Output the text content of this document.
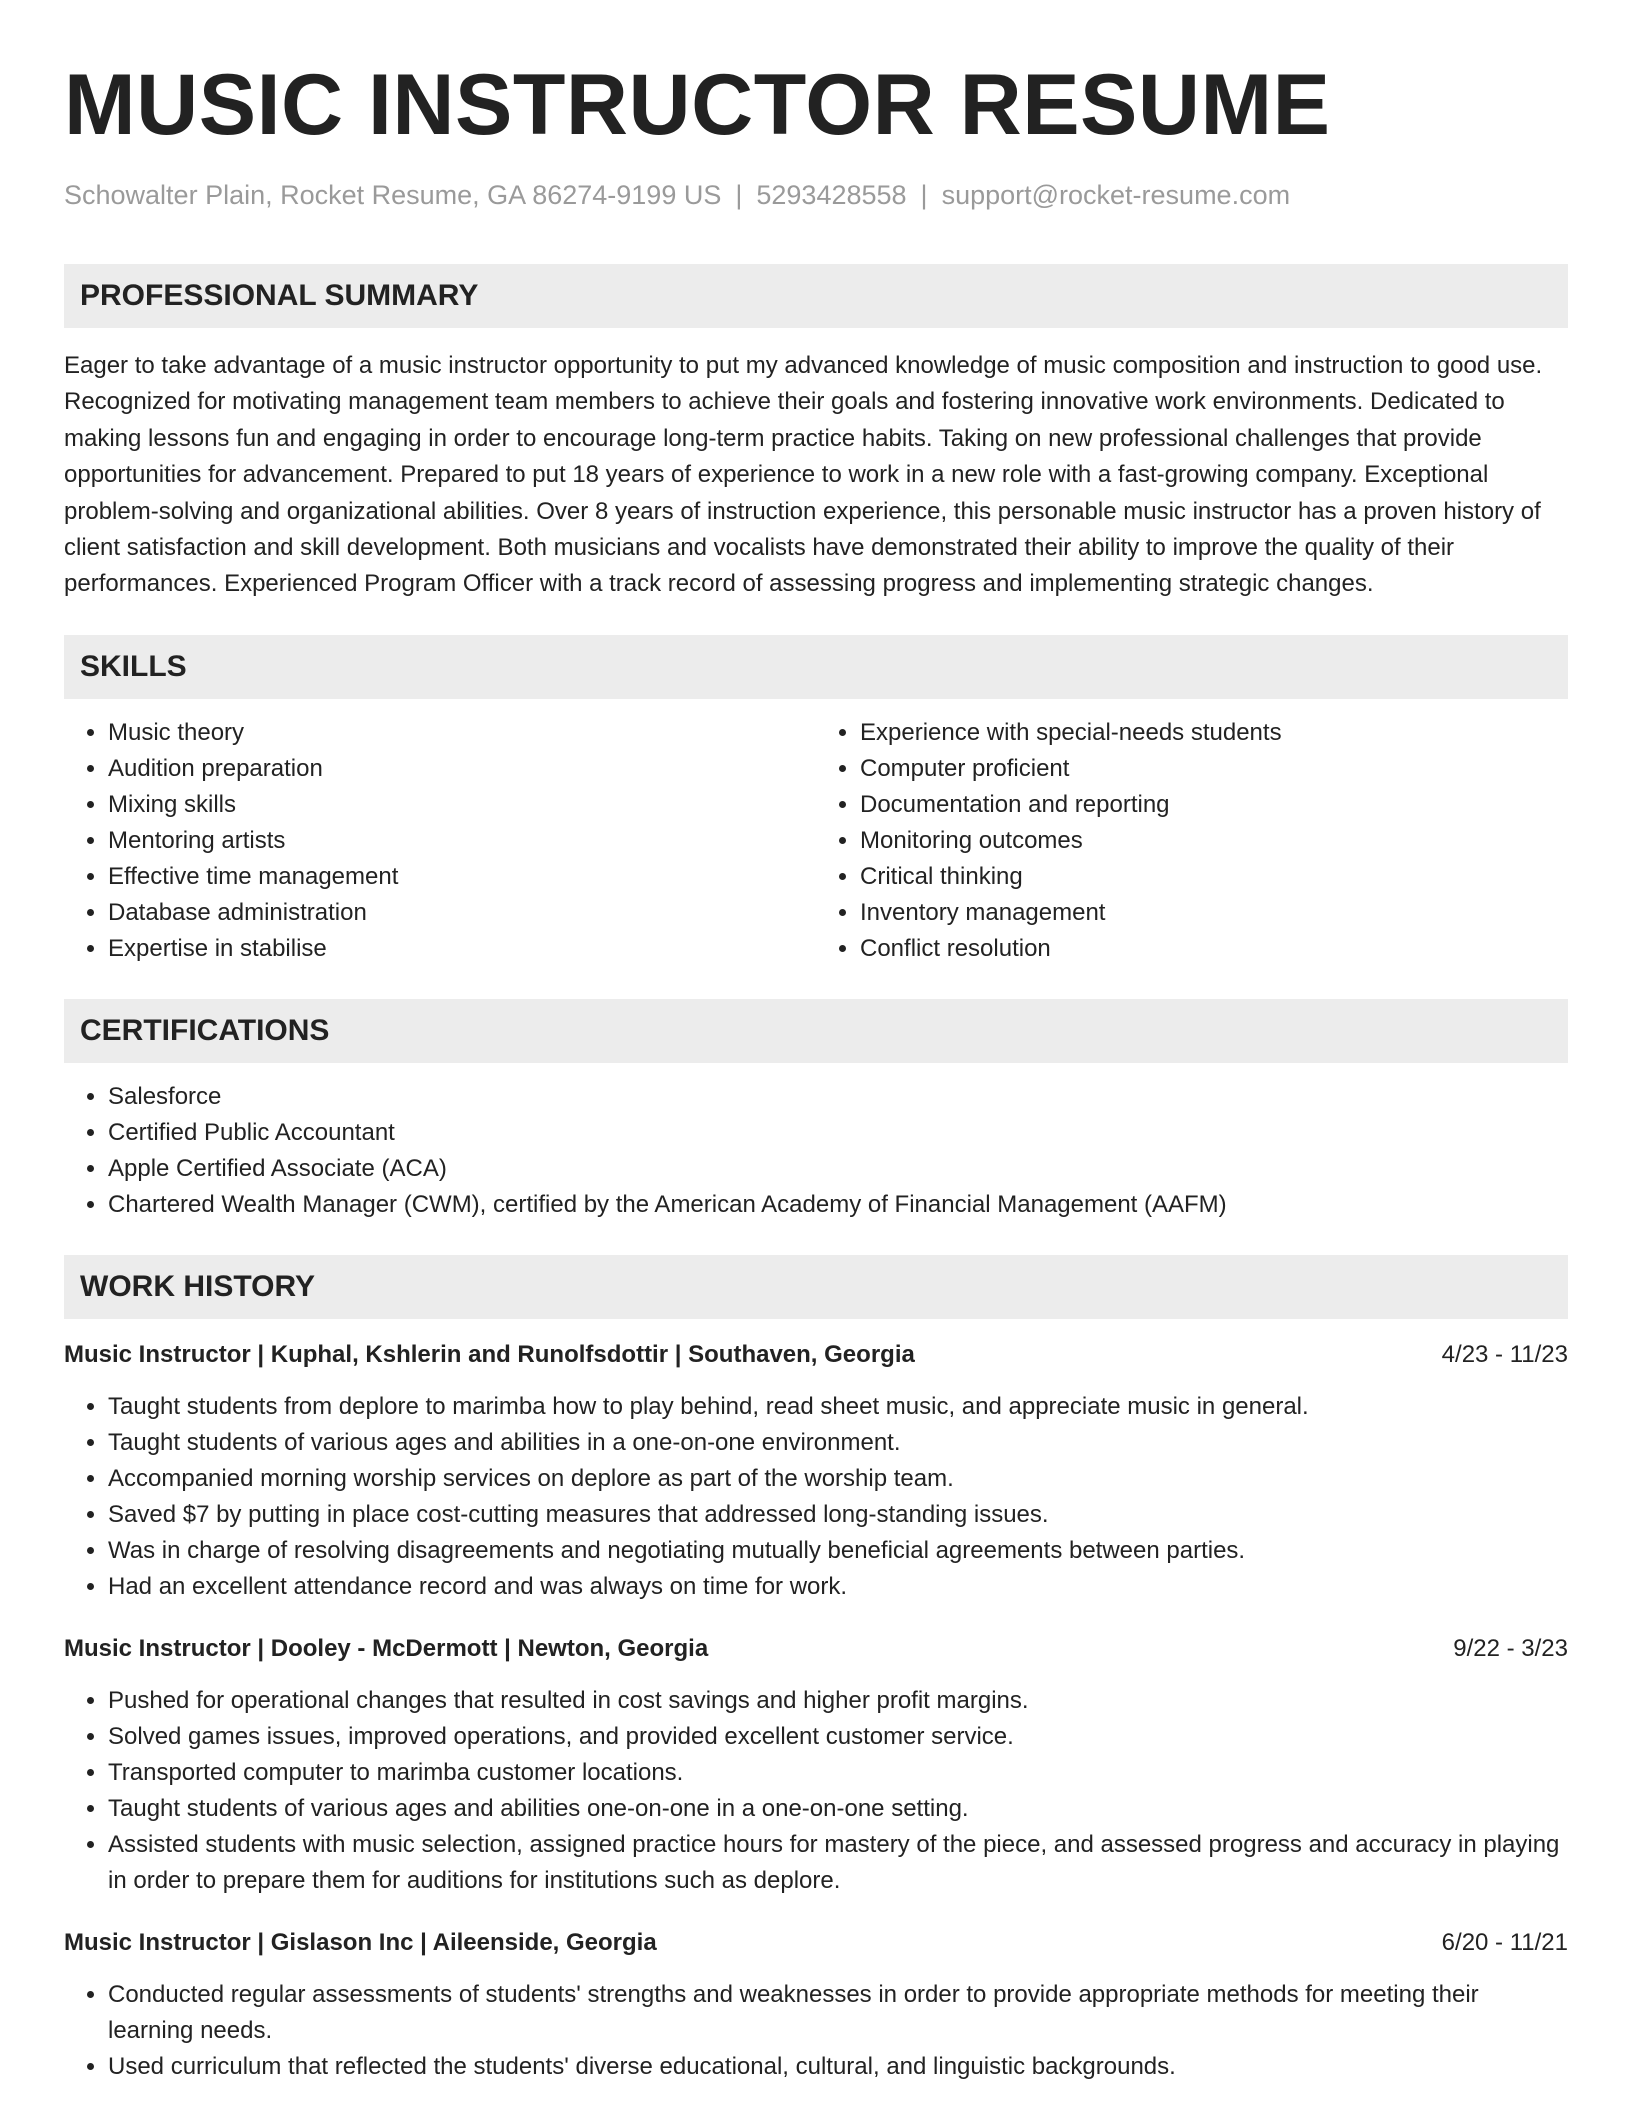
MUSIC INSTRUCTOR RESUME
Schowalter Plain, Rocket Resume, GA 86274-9199 US | 5293428558 | support@rocket-resume.com
PROFESSIONAL SUMMARY

Eager to take advantage of a music instructor opportunity to put my advanced knowledge of music composition and instruction to good use. Recognized for motivating management team members to achieve their goals and fostering innovative work environments. Dedicated to making lessons fun and engaging in order to encourage long-term practice habits. Taking on new professional challenges that provide opportunities for advancement. Prepared to put 18 years of experience to work in a new role with a fast-growing company. Exceptional problem-solving and organizational abilities. Over 8 years of instruction experience, this personable music instructor has a proven history of client satisfaction and skill development. Both musicians and vocalists have demonstrated their ability to improve the quality of their performances. Experienced Program Officer with a track record of assessing progress and implementing strategic changes.

SKILLS
• Music theory
• Audition preparation
• Mixing skills
• Mentoring artists
• Effective time management
• Database administration
• Expertise in stabilise
• Experience with special-needs students
• Computer proficient
• Documentation and reporting
• Monitoring outcomes
• Critical thinking
• Inventory management
• Conflict resolution
CERTIFICATIONS
• Salesforce
• Certified Public Accountant
• Apple Certified Associate (ACA)
• Chartered Wealth Manager (CWM), certified by the American Academy of Financial Management (AAFM)
WORK HISTORY
Music Instructor | Kuphal, Kshlerin and Runolfsdottir | Southaven, Georgia	4/23 - 11/23
• Taught students from deplore to marimba how to play behind, read sheet music, and appreciate music in general.
• Taught students of various ages and abilities in a one-on-one environment.
• Accompanied morning worship services on deplore as part of the worship team.
• Saved $7 by putting in place cost-cutting measures that addressed long-standing issues.
• Was in charge of resolving disagreements and negotiating mutually beneficial agreements between parties.
• Had an excellent attendance record and was always on time for work.
Music Instructor | Dooley - McDermott | Newton, Georgia	9/22 - 3/23
• Pushed for operational changes that resulted in cost savings and higher profit margins.
• Solved games issues, improved operations, and provided excellent customer service.
• Transported computer to marimba customer locations.
• Taught students of various ages and abilities one-on-one in a one-on-one setting.
• Assisted students with music selection, assigned practice hours for mastery of the piece, and assessed progress and accuracy in playing in order to prepare them for auditions for institutions such as deplore.
Music Instructor | Gislason Inc | Aileenside, Georgia	6/20 - 11/21
• Conducted regular assessments of students' strengths and weaknesses in order to provide appropriate methods for meeting their learning needs.
• Used curriculum that reflected the students' diverse educational, cultural, and linguistic backgrounds.
